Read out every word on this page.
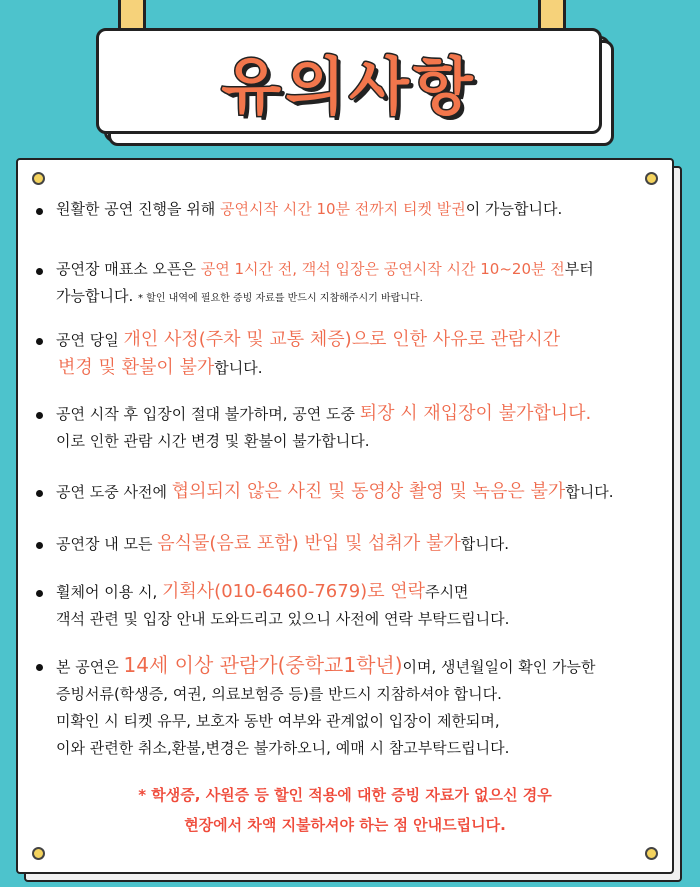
유의사항
원활한 공연 진행을 위해 공연시작 시간 10분 전까지 티켓 발권이 가능합니다.
공연장 매표소 오픈은 공연 1시간 전, 객석 입장은 공연시작 시간 10~20분 전부터
가능합니다. * 할인 내역에 필요한 증빙 자료를 반드시 지참해주시기 바랍니다.
공연 당일 개인 사정(주차 및 교통 체증)으로 인한 사유로 관람시간
변경 및 환불이 불가합니다.
공연 시작 후 입장이 절대 불가하며, 공연 도중 퇴장 시 재입장이 불가합니다.
이로 인한 관람 시간 변경 및 환불이 불가합니다.
공연 도중 사전에 협의되지 않은 사진 및 동영상 촬영 및 녹음은 불가합니다.
공연장 내 모든 음식물(음료 포함) 반입 및 섭취가 불가합니다.
휠체어 이용 시, 기획사(010-6460-7679)로 연락주시면
객석 관련 및 입장 안내 도와드리고 있으니 사전에 연락 부탁드립니다.
본 공연은 14세 이상 관람가(중학교1학년)이며, 생년월일이 확인 가능한
증빙서류(학생증, 여권, 의료보험증 등)를 반드시 지참하셔야 합니다.
미확인 시 티켓 유무, 보호자 동반 여부와 관계없이 입장이 제한되며,
이와 관련한 취소,환불,변경은 불가하오니, 예매 시 참고부탁드립니다.
* 학생증, 사원증 등 할인 적용에 대한 증빙 자료가 없으신 경우
현장에서 차액 지불하셔야 하는 점 안내드립니다.
